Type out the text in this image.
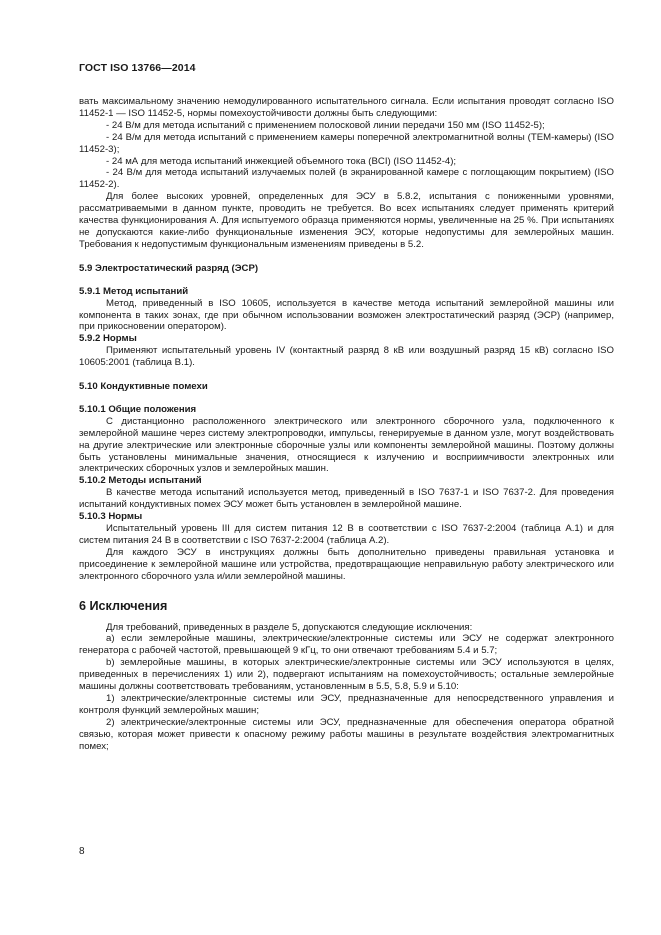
ГОСТ ISO 13766—2014

вать максимальному значению немодулированного испытательного сигнала. Если испытания проводят согласно ISO 11452-1 — ISO 11452-5, нормы помехоустойчивости должны быть следующими:

- 24 В/м для метода испытаний с применением полосковой линии передачи 150 мм (ISO 11452-5);

- 24 В/м для метода испытаний с применением камеры поперечной электромагнитной волны (ТЕМ-камеры) (ISO 11452-3);

- 24 мА для метода испытаний инжекцией объемного тока (BCI) (ISO 11452-4);

- 24 В/м для метода испытаний излучаемых полей (в экранированной камере с поглощающим покрытием) (ISO 11452-2).

Для более высоких уровней, определенных для ЭСУ в 5.8.2, испытания с пониженными уровнями, рассматриваемыми в данном пункте, проводить не требуется. Во всех испытаниях следует применять критерий качества функционирования А. Для испытуемого образца применяются нормы, увеличенные на 25 %. При испытаниях не допускаются какие-либо функциональные изменения ЭСУ, которые недопустимы для землеройных машин. Требования к недопустимым функциональным изменениям приведены в 5.2.

5.9 Электростатический разряд (ЭСР)

5.9.1 Метод испытаний

Метод, приведенный в ISO 10605, используется в качестве метода испытаний землеройной машины или компонента в таких зонах, где при обычном использовании возможен электростатический разряд (ЭСР) (например, при прикосновении оператором).

5.9.2 Нормы

Применяют испытательный уровень IV (контактный разряд 8 кВ или воздушный разряд 15 кВ) согласно ISO 10605:2001 (таблица В.1).

5.10 Кондуктивные помехи

5.10.1 Общие положения

С дистанционно расположенного электрического или электронного сборочного узла, подключенного к землеройной машине через систему электропроводки, импульсы, генерируемые в данном узле, могут воздействовать на другие электрические или электронные сборочные узлы или компоненты землеройной машины. Поэтому должны быть установлены минимальные значения, относящиеся к излучению и восприимчивости электронных или электрических сборочных узлов и землеройных машин.

5.10.2 Методы испытаний

В качестве метода испытаний используется метод, приведенный в ISO 7637-1 и ISO 7637-2. Для проведения испытаний кондуктивных помех ЭСУ может быть установлен в землеройной машине.

5.10.3 Нормы

Испытательный уровень III для систем питания 12 В в соответствии с ISO 7637-2:2004 (таблица А.1) и для систем питания 24 В в соответствии с ISO 7637-2:2004 (таблица А.2).

Для каждого ЭСУ в инструкциях должны быть дополнительно приведены правильная установка и присоединение к землеройной машине или устройства, предотвращающие неправильную работу электрического или электронного сборочного узла и/или землеройной машины.

6 Исключения

Для требований, приведенных в разделе 5, допускаются следующие исключения:

a) если землеройные машины, электрические/электронные системы или ЭСУ не содержат электронного генератора с рабочей частотой, превышающей 9 кГц, то они отвечают требованиям 5.4 и 5.7;

b) землеройные машины, в которых электрические/электронные системы или ЭСУ используются в целях, приведенных в перечислениях 1) или 2), подвергают испытаниям на помехоустойчивость; остальные землеройные машины должны соответствовать требованиям, установленным в 5.5, 5.8, 5.9 и 5.10:

1) электрические/электронные системы или ЭСУ, предназначенные для непосредственного управления и контроля функций землеройных машин;

2) электрические/электронные системы или ЭСУ, предназначенные для обеспечения оператора обратной связью, которая может привести к опасному режиму работы машины в результате воздействия электромагнитных помех;

8
